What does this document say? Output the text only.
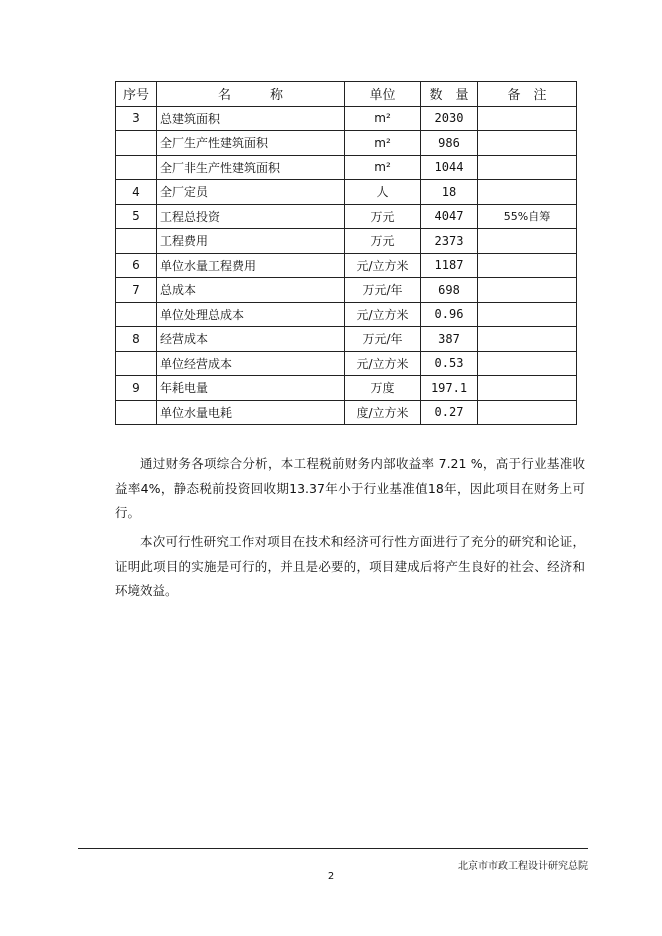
序号	名　　　称	单位	数　量	备　注
3	总建筑面积	m²	2030	
	全厂生产性建筑面积	m²	986	
	全厂非生产性建筑面积	m²	1044	
4	全厂定员	人	18	
5	工程总投资	万元	4047	55%自筹
	工程费用	万元	2373	
6	单位水量工程费用	元/立方米	1187	
7	总成本	万元/年	698	
	单位处理总成本	元/立方米	0.96	
8	经营成本	万元/年	387	
	单位经营成本	元/立方米	0.53	
9	年耗电量	万度	197.1	
	单位水量电耗	度/立方米	0.27	

通过财务各项综合分析，本工程税前财务内部收益率 7.21 %，高于行业基准收益率4%，静态税前投资回收期13.37年小于行业基准值18年，因此项目在财务上可行。

本次可行性研究工作对项目在技术和经济可行性方面进行了充分的研究和论证，证明此项目的实施是可行的，并且是必要的，项目建成后将产生良好的社会、经济和环境效益。

北京市市政工程设计研究总院
2
